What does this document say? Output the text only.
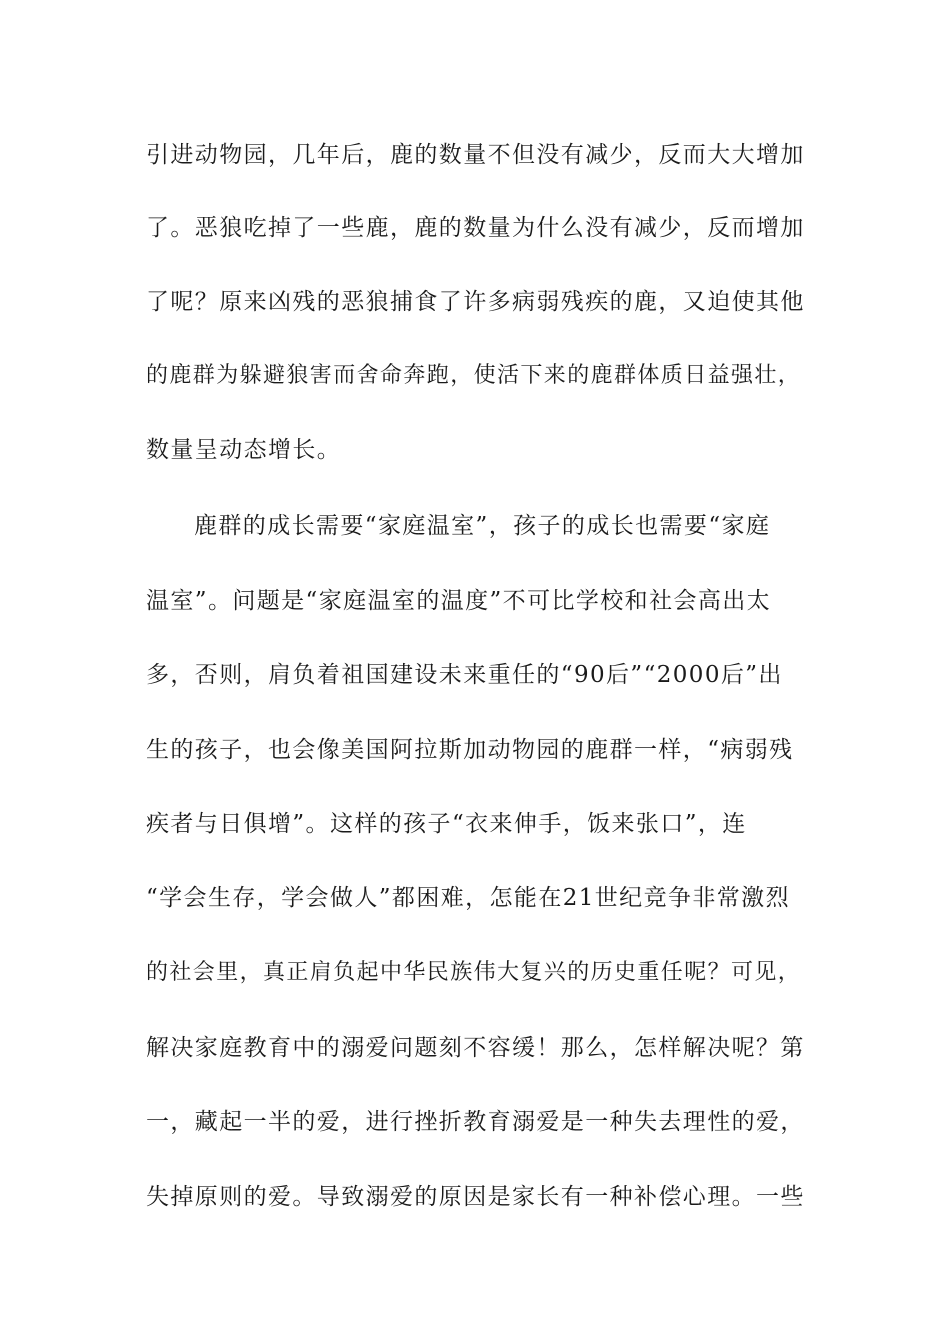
引进动物园，几年后，鹿的数量不但没有减少，反而大大增加
了。恶狼吃掉了一些鹿，鹿的数量为什么没有减少，反而增加
了呢？原来凶残的恶狼捕食了许多病弱残疾的鹿，又迫使其他
的鹿群为躲避狼害而舍命奔跑，使活下来的鹿群体质日益强壮，
数量呈动态增长。
鹿群的成长需要“家庭温室”，孩子的成长也需要“家庭
温室”。问题是“家庭温室的温度”不可比学校和社会高出太
多，否则，肩负着祖国建设未来重任的“90后”“2000后”出
生的孩子，也会像美国阿拉斯加动物园的鹿群一样，“病弱残
疾者与日俱增”。这样的孩子“衣来伸手，饭来张口”，连
“学会生存，学会做人”都困难，怎能在21世纪竞争非常激烈
的社会里，真正肩负起中华民族伟大复兴的历史重任呢？可见，
解决家庭教育中的溺爱问题刻不容缓！那么，怎样解决呢？第
一，藏起一半的爱，进行挫折教育溺爱是一种失去理性的爱，
失掉原则的爱。导致溺爱的原因是家长有一种补偿心理。一些
